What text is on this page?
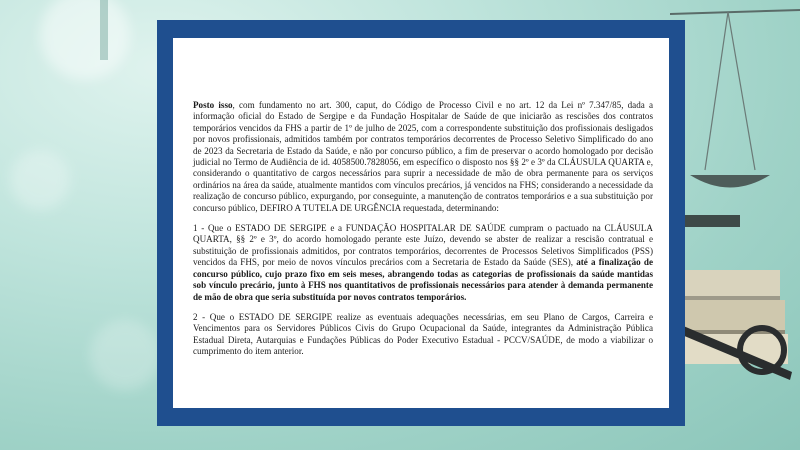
Posto isso, com fundamento no art. 300, caput, do Código de Processo Civil e no art. 12 da Lei nº 7.347/85, dada a informação oficial do Estado de Sergipe e da Fundação Hospitalar de Saúde de que iniciarão as rescisões dos contratos temporários vencidos da FHS a partir de 1º de julho de 2025, com a correspondente substituição dos profissionais desligados por novos profissionais, admitidos também por contratos temporários decorrentes de Processo Seletivo Simplificado do ano de 2023 da Secretaria de Estado da Saúde, e não por concurso público, a fim de preservar o acordo homologado por decisão judicial no Termo de Audiência de id. 4058500.7828056, em específico o disposto nos §§ 2º e 3º da CLÁUSULA QUARTA e, considerando o quantitativo de cargos necessários para suprir a necessidade de mão de obra permanente para os serviços ordinários na área da saúde, atualmente mantidos com vínculos precários, já vencidos na FHS; considerando a necessidade da realização de concurso público, expurgando, por conseguinte, a manutenção de contratos temporários e a sua substituição por concurso público, DEFIRO A TUTELA DE URGÊNCIA requestada, determinando:

1 - Que o ESTADO DE SERGIPE e a FUNDAÇÃO HOSPITALAR DE SAÚDE cumpram o pactuado na CLÁUSULA QUARTA, §§ 2º e 3º, do acordo homologado perante este Juízo, devendo se abster de realizar a rescisão contratual e substituição de profissionais admitidos, por contratos temporários, decorrentes de Processos Seletivos Simplificados (PSS) vencidos da FHS, por meio de novos vínculos precários com a Secretaria de Estado da Saúde (SES), até a finalização de concurso público, cujo prazo fixo em seis meses, abrangendo todas as categorias de profissionais da saúde mantidas sob vínculo precário, junto à FHS nos quantitativos de profissionais necessários para atender à demanda permanente de mão de obra que seria substituída por novos contratos temporários.

2 - Que o ESTADO DE SERGIPE realize as eventuais adequações necessárias, em seu Plano de Cargos, Carreira e Vencimentos para os Servidores Públicos Civis do Grupo Ocupacional da Saúde, integrantes da Administração Pública Estadual Direta, Autarquias e Fundações Públicas do Poder Executivo Estadual - PCCV/SAÚDE, de modo a viabilizar o cumprimento do item anterior.
